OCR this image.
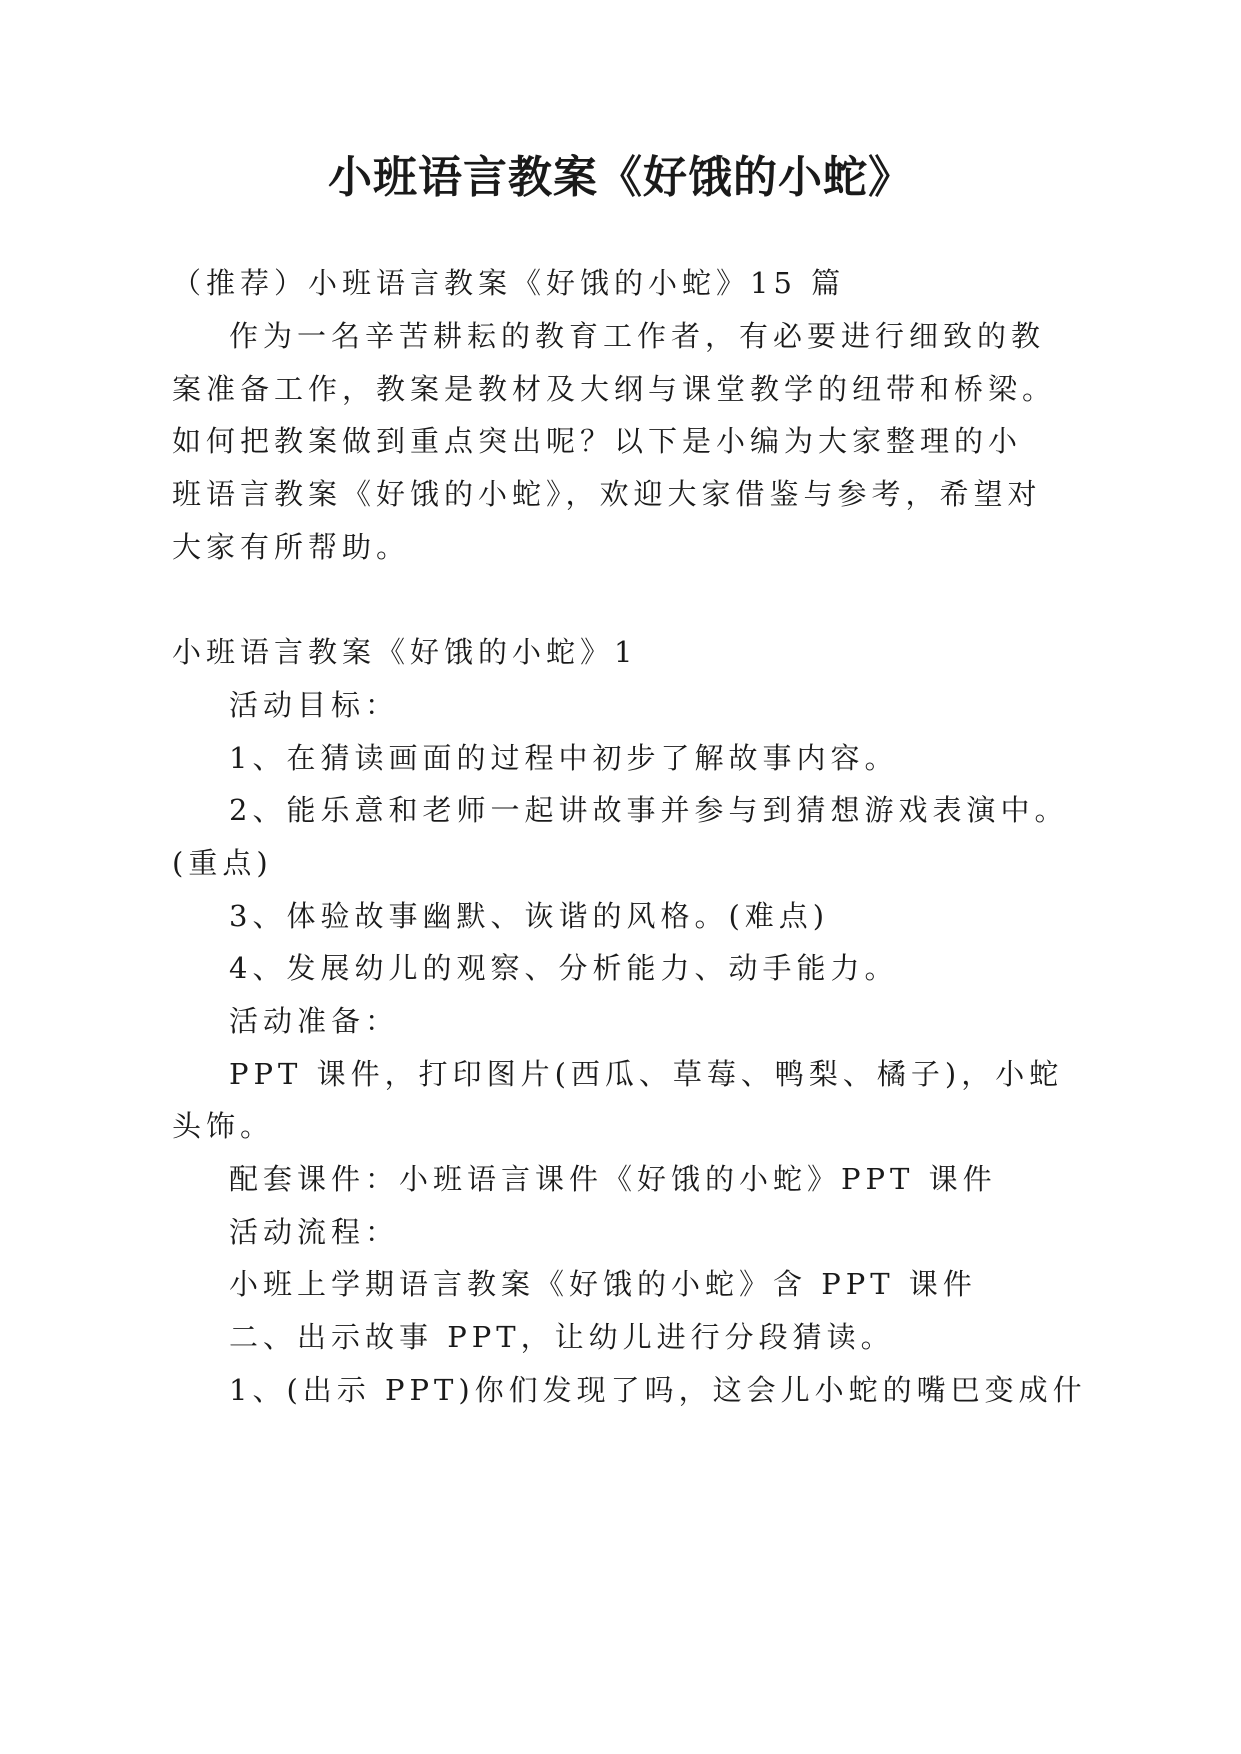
小班语言教案《好饿的小蛇》
（推荐）小班语言教案《好饿的小蛇》15 篇
作为一名辛苦耕耘的教育工作者，有必要进行细致的教
案准备工作，教案是教材及大纲与课堂教学的纽带和桥梁。
如何把教案做到重点突出呢？以下是小编为大家整理的小
班语言教案《好饿的小蛇》，欢迎大家借鉴与参考，希望对
大家有所帮助。
小班语言教案《好饿的小蛇》1
活动目标：
1、在猜读画面的过程中初步了解故事内容。
2、能乐意和老师一起讲故事并参与到猜想游戏表演中。
(重点)
3、体验故事幽默、诙谐的风格。(难点)
4、发展幼儿的观察、分析能力、动手能力。
活动准备：
PPT 课件，打印图片(西瓜、草莓、鸭梨、橘子)，小蛇
头饰。
配套课件：小班语言课件《好饿的小蛇》PPT 课件
活动流程：
小班上学期语言教案《好饿的小蛇》含 PPT 课件
二、出示故事 PPT，让幼儿进行分段猜读。
1、(出示 PPT)你们发现了吗，这会儿小蛇的嘴巴变成什
